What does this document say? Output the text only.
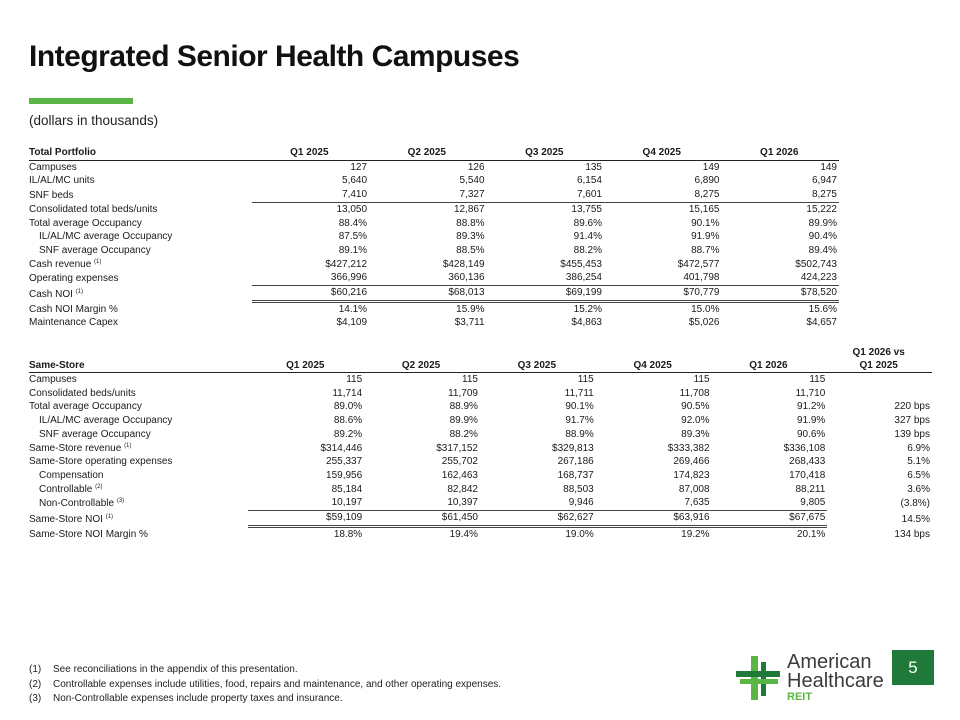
Integrated Senior Health Campuses
(dollars in thousands)
Total Portfolio	Q1 2025	Q2 2025	Q3 2025	Q4 2025	Q1 2026
Campuses	127	126	135	149	149
IL/AL/MC units	5,640	5,540	6,154	6,890	6,947
SNF beds	7,410	7,327	7,601	8,275	8,275
Consolidated total beds/units	13,050	12,867	13,755	15,165	15,222
Total average Occupancy	88.4%	88.8%	89.6%	90.1%	89.9%
IL/AL/MC average Occupancy	87.5%	89.3%	91.4%	91.9%	90.4%
SNF average Occupancy	89.1%	88.5%	88.2%	88.7%	89.4%
Cash revenue $^{(1)}$	$427,212	$428,149	$455,453	$472,577	$502,743
Operating expenses	366,996	360,136	386,254	401,798	424,223
Cash NOI $^{(1)}$	$60,216	$68,013	$69,199	$70,779	$78,520
Cash NOI Margin %	14.1%	15.9%	15.2%	15.0%	15.6%
Maintenance Capex	$4,109	$3,711	$4,863	$5,026	$4,657
Same-Store	Q1 2025	Q2 2025	Q3 2025	Q4 2025	Q1 2026	Q1 2026 vs
Q1 2025
Campuses	115	115	115	115	115	
Consolidated beds/units	11,714	11,709	11,711	11,708	11,710	
Total average Occupancy	89.0%	88.9%	90.1%	90.5%	91.2%	220 bps
IL/AL/MC average Occupancy	88.6%	89.9%	91.7%	92.0%	91.9%	327 bps
SNF average Occupancy	89.2%	88.2%	88.9%	89.3%	90.6%	139 bps
Same-Store revenue $^{(1)}$	$314,446	$317,152	$329,813	$333,382	$336,108	6.9%
Same-Store operating expenses	255,337	255,702	267,186	269,466	268,433	5.1%
Compensation	159,956	162,463	168,737	174,823	170,418	6.5%
Controllable $^{(2)}$	85,184	82,842	88,503	87,008	88,211	3.6%
Non-Controllable $^{(3)}$	10,197	10,397	9,946	7,635	9,805	(3.8%)
Same-Store NOI $^{(1)}$	$59,109	$61,450	$62,627	$63,916	$67,675	14.5%
Same-Store NOI Margin %	18.8%	19.4%	19.0%	19.2%	20.1%	134 bps
(1) See reconciliations in the appendix of this presentation.
(2) Controllable expenses include utilities, food, repairs and maintenance, and other operating expenses.
(3) Non-Controllable expenses include property taxes and insurance.
American
Healthcare
REIT
5
